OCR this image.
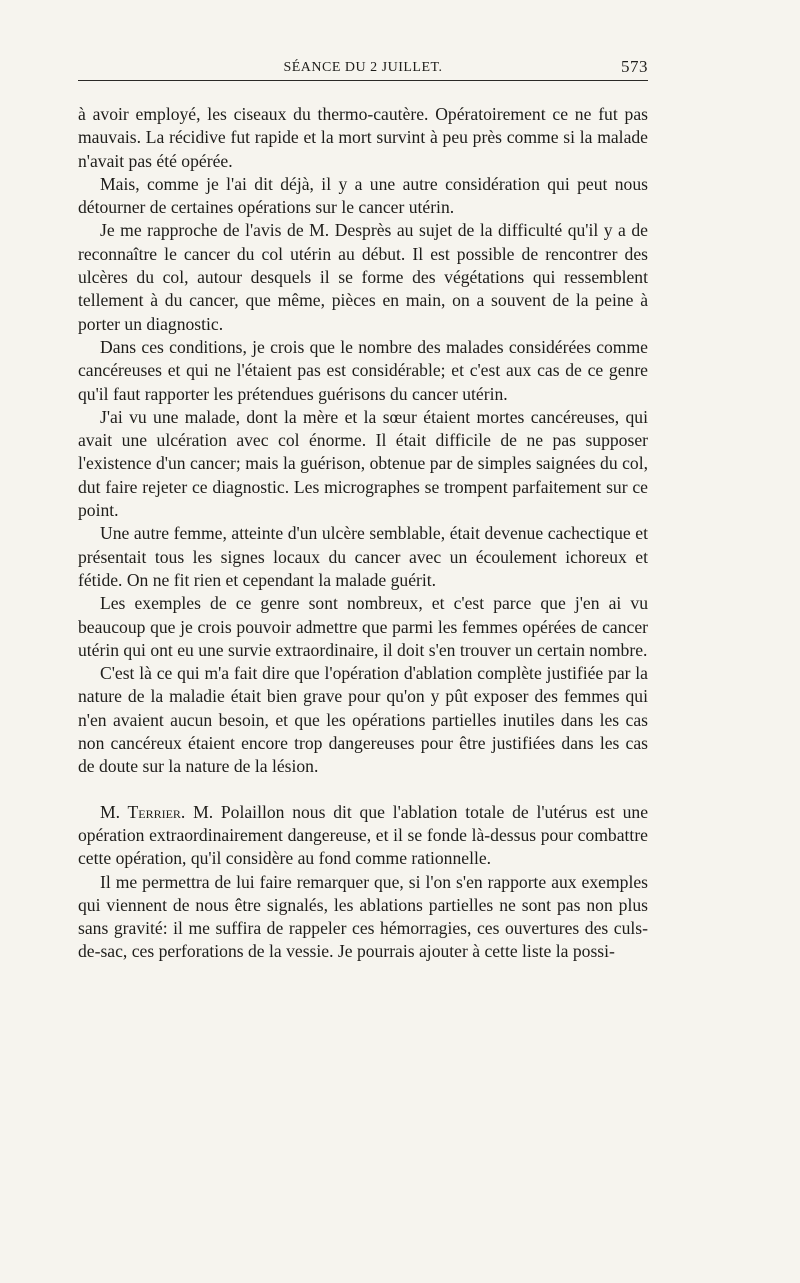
SÉANCE DU 2 JUILLET.	573

à avoir employé, les ciseaux du thermo-cautère. Opératoirement ce ne fut pas mauvais. La récidive fut rapide et la mort survint à peu près comme si la malade n'avait pas été opérée.

Mais, comme je l'ai dit déjà, il y a une autre considération qui peut nous détourner de certaines opérations sur le cancer utérin.

Je me rapproche de l'avis de M. Desprès au sujet de la difficulté qu'il y a de reconnaître le cancer du col utérin au début. Il est possible de rencontrer des ulcères du col, autour desquels il se forme des végétations qui ressemblent tellement à du cancer, que même, pièces en main, on a souvent de la peine à porter un diagnostic.

Dans ces conditions, je crois que le nombre des malades considérées comme cancéreuses et qui ne l'étaient pas est considérable; et c'est aux cas de ce genre qu'il faut rapporter les prétendues guérisons du cancer utérin.

J'ai vu une malade, dont la mère et la sœur étaient mortes cancéreuses, qui avait une ulcération avec col énorme. Il était difficile de ne pas supposer l'existence d'un cancer; mais la guérison, obtenue par de simples saignées du col, dut faire rejeter ce diagnostic. Les micrographes se trompent parfaitement sur ce point.

Une autre femme, atteinte d'un ulcère semblable, était devenue cachectique et présentait tous les signes locaux du cancer avec un écoulement ichoreux et fétide. On ne fit rien et cependant la malade guérit.

Les exemples de ce genre sont nombreux, et c'est parce que j'en ai vu beaucoup que je crois pouvoir admettre que parmi les femmes opérées de cancer utérin qui ont eu une survie extraordinaire, il doit s'en trouver un certain nombre.

C'est là ce qui m'a fait dire que l'opération d'ablation complète justifiée par la nature de la maladie était bien grave pour qu'on y pût exposer des femmes qui n'en avaient aucun besoin, et que les opérations partielles inutiles dans les cas non cancéreux étaient encore trop dangereuses pour être justifiées dans les cas de doute sur la nature de la lésion.

M. Terrier. M. Polaillon nous dit que l'ablation totale de l'utérus est une opération extraordinairement dangereuse, et il se fonde là-dessus pour combattre cette opération, qu'il considère au fond comme rationnelle.

Il me permettra de lui faire remarquer que, si l'on s'en rapporte aux exemples qui viennent de nous être signalés, les ablations partielles ne sont pas non plus sans gravité: il me suffira de rappeler ces hémorragies, ces ouvertures des culs-de-sac, ces perforations de la vessie. Je pourrais ajouter à cette liste la possi-
